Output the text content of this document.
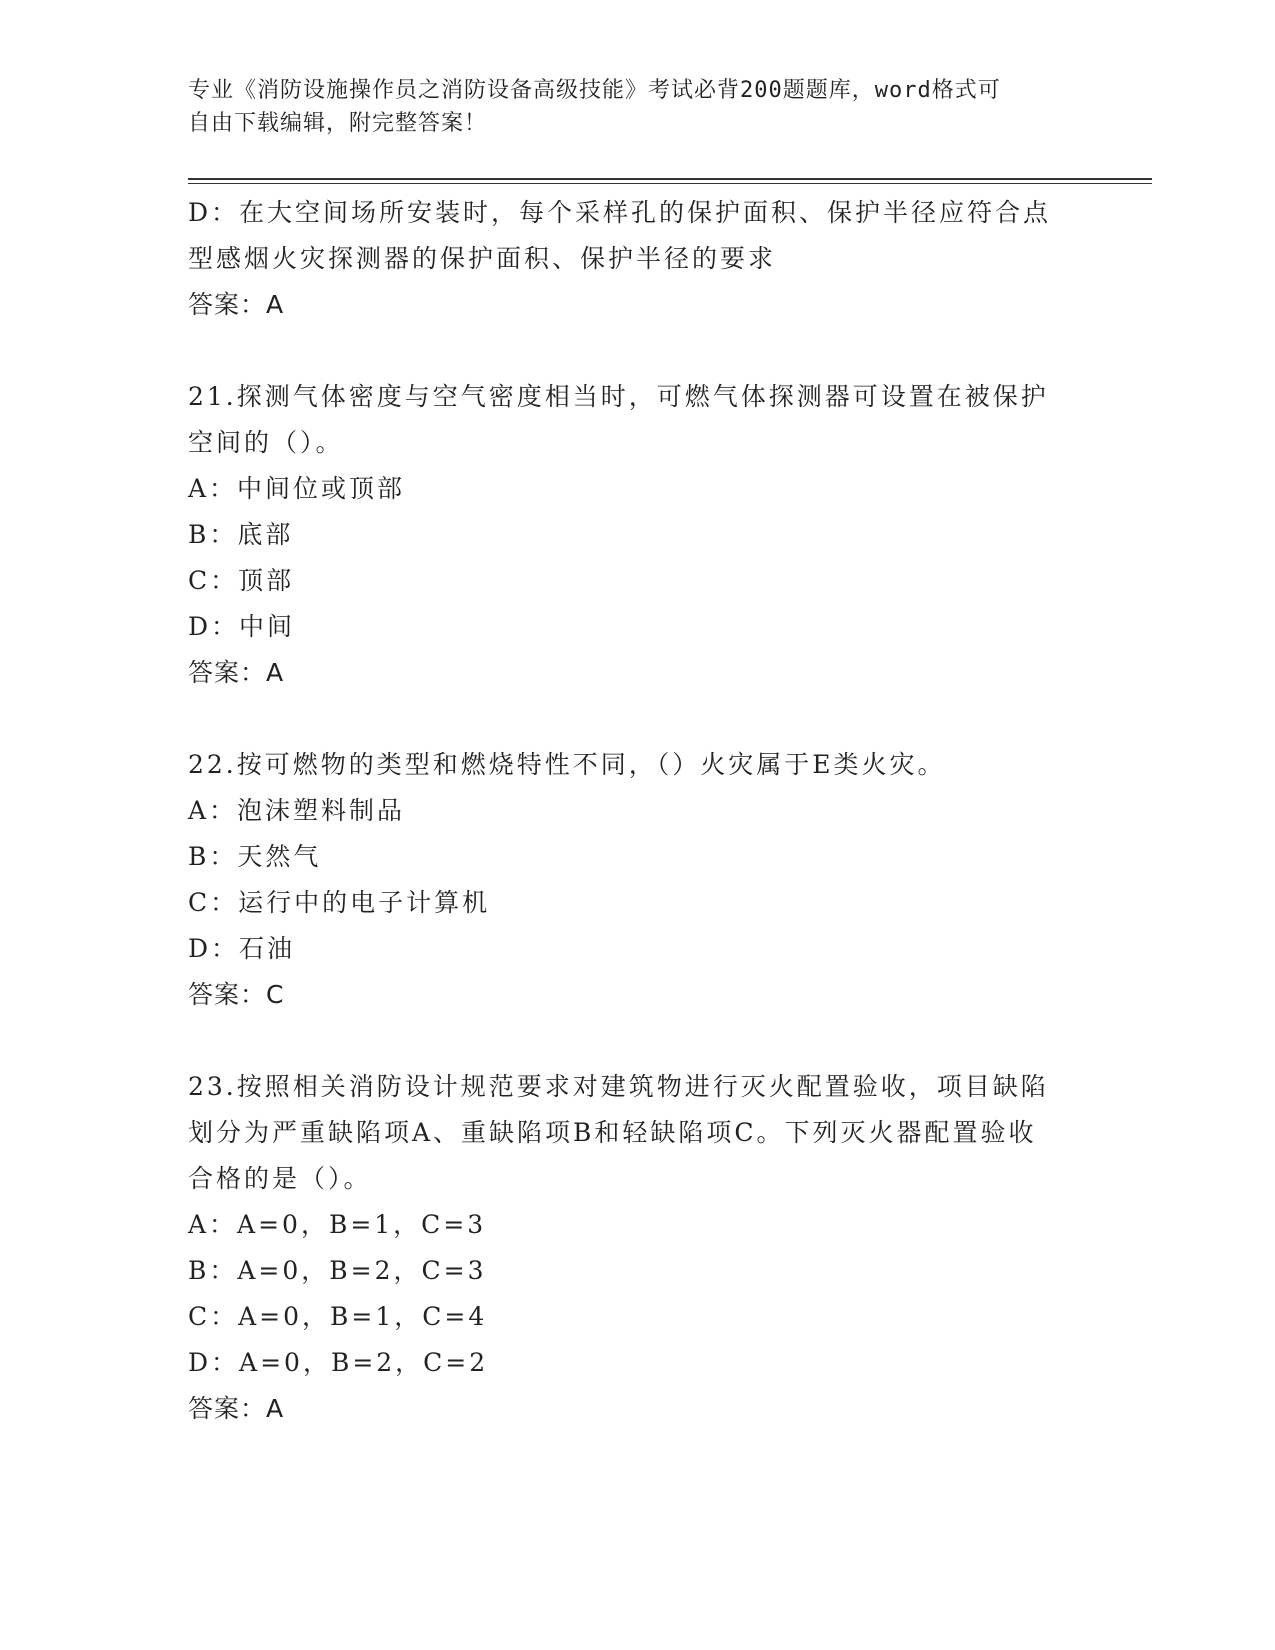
专业《消防设施操作员之消防设备高级技能》考试必背200题题库，word格式可
自由下载编辑，附完整答案！
D：在大空间场所安装时，每个采样孔的保护面积、保护半径应符合点
型感烟火灾探测器的保护面积、保护半径的要求
答案：A
21.探测气体密度与空气密度相当时，可燃气体探测器可设置在被保护
空间的（）。
A：中间位或顶部
B：底部
C：顶部
D：中间
答案：A
22.按可燃物的类型和燃烧特性不同，（）火灾属于E类火灾。
A：泡沫塑料制品
B：天然气
C：运行中的电子计算机
D：石油
答案：C
23.按照相关消防设计规范要求对建筑物进行灭火配置验收，项目缺陷
划分为严重缺陷项A、重缺陷项B和轻缺陷项C。下列灭火器配置验收
合格的是（）。
A：A=0，B=1，C=3
B：A=0，B=2，C=3
C：A=0，B=1，C=4
D：A=0，B=2，C=2
答案：A
